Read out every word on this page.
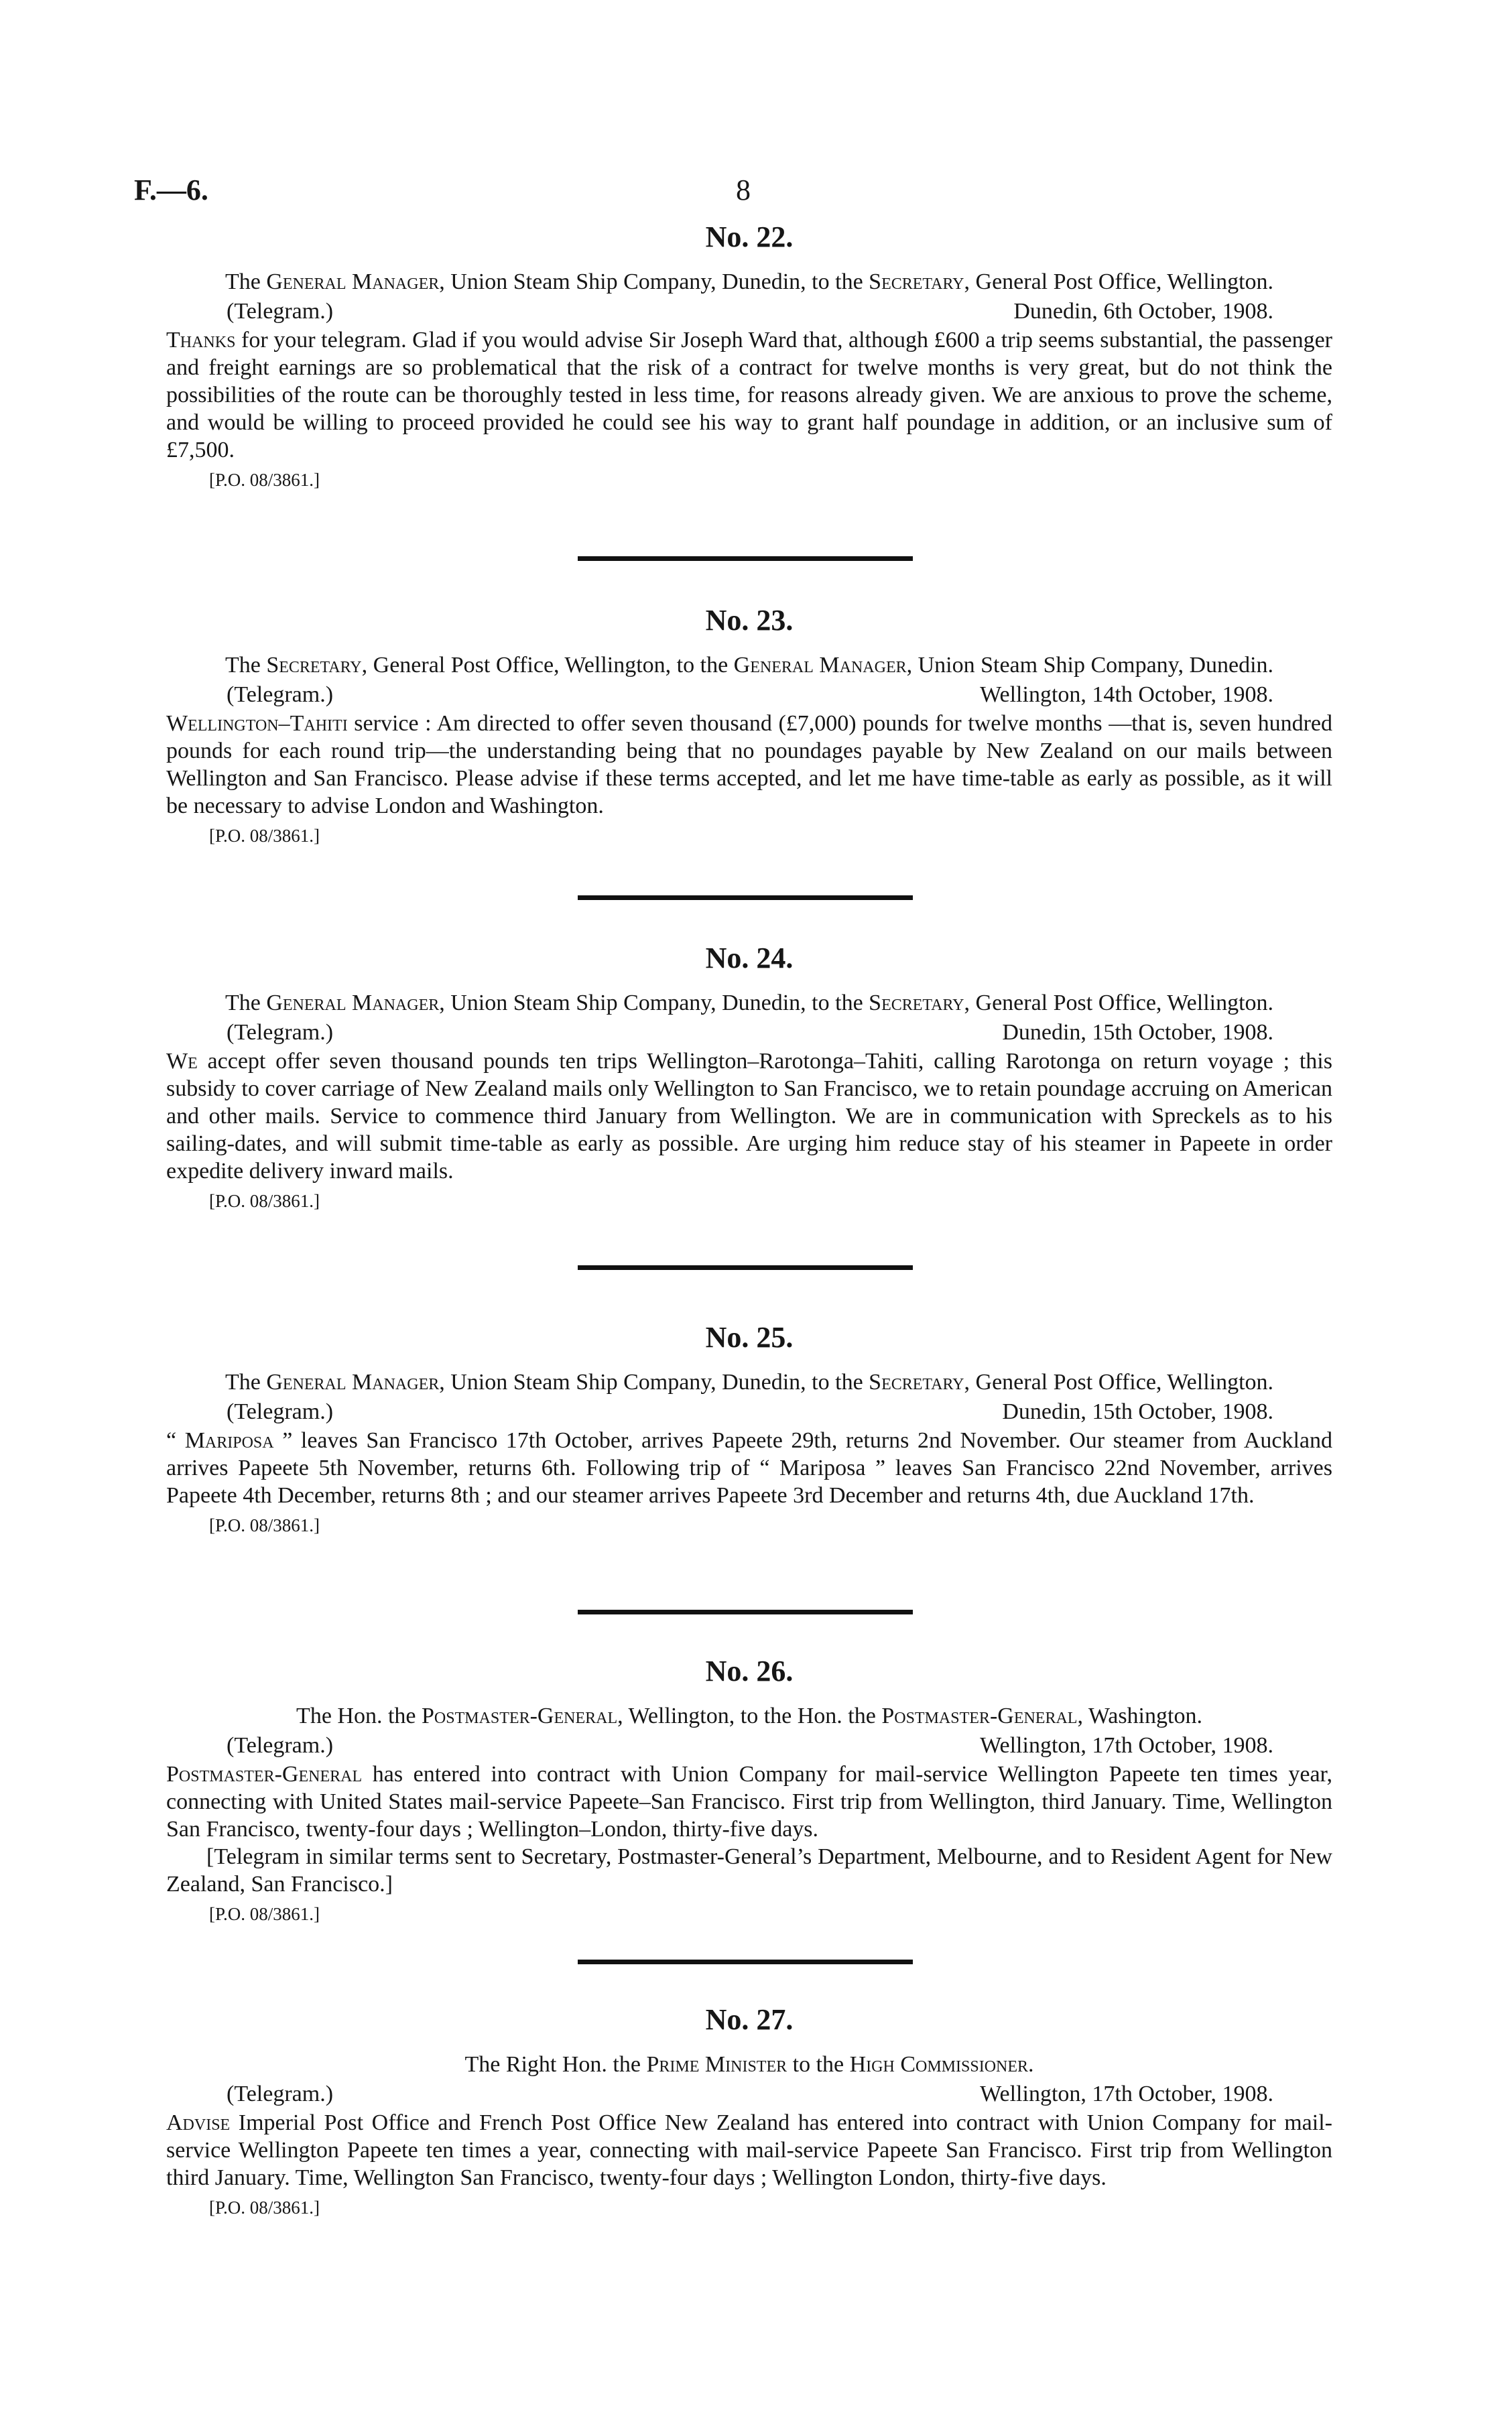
F.—6.	8
No. 22.

The General Manager, Union Steam Ship Company, Dunedin, to the Secretary, General Post Office, Wellington.

(Telegram.)	Dunedin, 6th October, 1908.

Thanks for your telegram. Glad if you would advise Sir Joseph Ward that, although £600 a trip seems substantial, the passenger and freight earnings are so problematical that the risk of a contract for twelve months is very great, but do not think the possibilities of the route can be thoroughly tested in less time, for reasons already given. We are anxious to prove the scheme, and would be willing to proceed provided he could see his way to grant half poundage in addition, or an inclusive sum of £7,500.

[P.O. 08/3861.]
No. 23.

The Secretary, General Post Office, Wellington, to the General Manager, Union Steam Ship Company, Dunedin.

(Telegram.)	Wellington, 14th October, 1908.

Wellington–Tahiti service : Am directed to offer seven thousand (£7,000) pounds for twelve months —that is, seven hundred pounds for each round trip—the understanding being that no poundages payable by New Zealand on our mails between Wellington and San Francisco. Please advise if these terms accepted, and let me have time-table as early as possible, as it will be necessary to advise London and Washington.

[P.O. 08/3861.]
No. 24.

The General Manager, Union Steam Ship Company, Dunedin, to the Secretary, General Post Office, Wellington.

(Telegram.)	Dunedin, 15th October, 1908.

We accept offer seven thousand pounds ten trips Wellington–Rarotonga–Tahiti, calling Rarotonga on return voyage ; this subsidy to cover carriage of New Zealand mails only Wellington to San Francisco, we to retain poundage accruing on American and other mails. Service to commence third January from Wellington. We are in communication with Spreckels as to his sailing-dates, and will submit time-table as early as possible. Are urging him reduce stay of his steamer in Papeete in order expedite delivery inward mails.

[P.O. 08/3861.]
No. 25.

The General Manager, Union Steam Ship Company, Dunedin, to the Secretary, General Post Office, Wellington.

(Telegram.)	Dunedin, 15th October, 1908.

“ Mariposa ” leaves San Francisco 17th October, arrives Papeete 29th, returns 2nd November. Our steamer from Auckland arrives Papeete 5th November, returns 6th. Following trip of “ Mariposa ” leaves San Francisco 22nd November, arrives Papeete 4th December, returns 8th ; and our steamer arrives Papeete 3rd December and returns 4th, due Auckland 17th.

[P.O. 08/3861.]
No. 26.

The Hon. the Postmaster-General, Wellington, to the Hon. the Postmaster-General, Washington.

(Telegram.)	Wellington, 17th October, 1908.

Postmaster-General has entered into contract with Union Company for mail-service Wellington Papeete ten times year, connecting with United States mail-service Papeete–San Francisco. First trip from Wellington, third January. Time, Wellington San Francisco, twenty-four days ; Wellington–London, thirty-five days.

[Telegram in similar terms sent to Secretary, Postmaster-General’s Department, Melbourne, and to Resident Agent for New Zealand, San Francisco.]

[P.O. 08/3861.]
No. 27.

The Right Hon. the Prime Minister to the High Commissioner.

(Telegram.)	Wellington, 17th October, 1908.

Advise Imperial Post Office and French Post Office New Zealand has entered into contract with Union Company for mail-service Wellington Papeete ten times a year, connecting with mail-service Papeete San Francisco. First trip from Wellington third January. Time, Wellington San Francisco, twenty-four days ; Wellington London, thirty-five days.

[P.O. 08/3861.]
